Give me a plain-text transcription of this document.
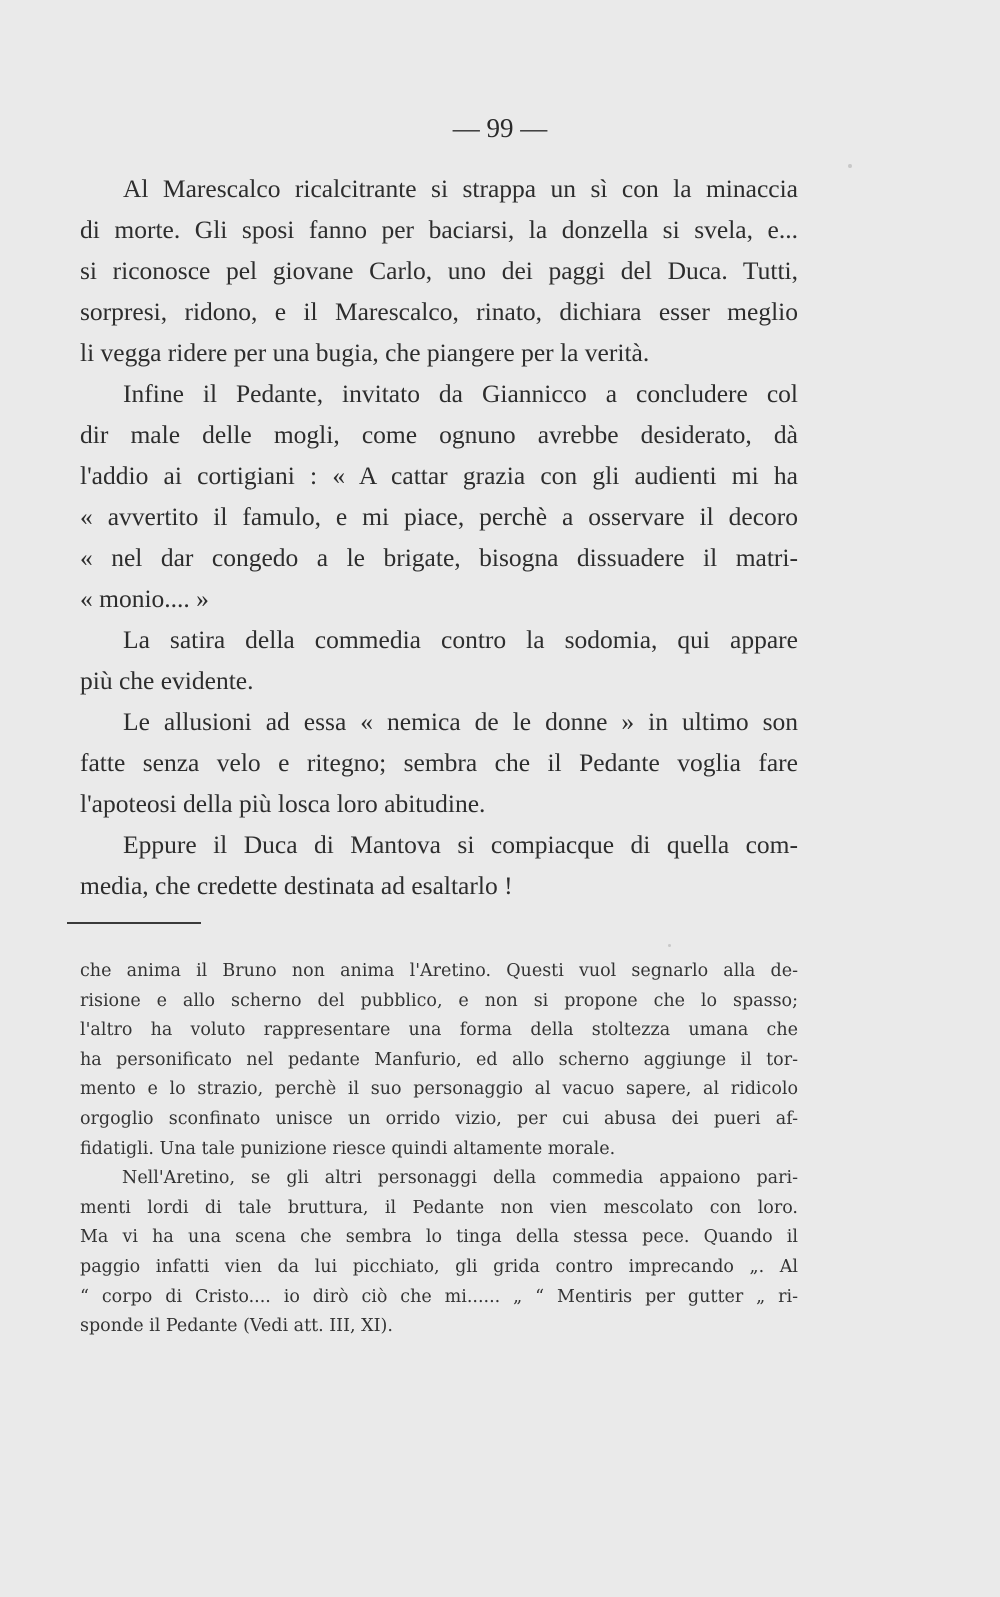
— 99 —
Al Marescalco ricalcitrante si strappa un sì con la minaccia
di morte. Gli sposi fanno per baciarsi, la donzella si svela, e...
si riconosce pel giovane Carlo, uno dei paggi del Duca. Tutti,
sorpresi, ridono, e il Marescalco, rinato, dichiara esser meglio
li vegga ridere per una bugia, che piangere per la verità.
Infine il Pedante, invitato da Giannicco a concludere col
dir male delle mogli, come ognuno avrebbe desiderato, dà
l'addio ai cortigiani : « A cattar grazia con gli audienti mi ha
« avvertito il famulo, e mi piace, perchè a osservare il decoro
« nel dar congedo a le brigate, bisogna dissuadere il matri-
« monio.... »
La satira della commedia contro la sodomia, qui appare
più che evidente.
Le allusioni ad essa « nemica de le donne » in ultimo son
fatte senza velo e ritegno; sembra che il Pedante voglia fare
l'apoteosi della più losca loro abitudine.
Eppure il Duca di Mantova si compiacque di quella com-
media, che credette destinata ad esaltarlo !
che anima il Bruno non anima l'Aretino. Questi vuol segnarlo alla de-
risione e allo scherno del pubblico, e non si propone che lo spasso;
l'altro ha voluto rappresentare una forma della stoltezza umana che
ha personificato nel pedante Manfurio, ed allo scherno aggiunge il tor-
mento e lo strazio, perchè il suo personaggio al vacuo sapere, al ridicolo
orgoglio sconfinato unisce un orrido vizio, per cui abusa dei pueri af-
fidatigli. Una tale punizione riesce quindi altamente morale.
Nell'Aretino, se gli altri personaggi della commedia appaiono pari-
menti lordi di tale bruttura, il Pedante non vien mescolato con loro.
Ma vi ha una scena che sembra lo tinga della stessa pece. Quando il
paggio infatti vien da lui picchiato, gli grida contro imprecando „. Al
“ corpo di Cristo.... io dirò ciò che mi...... „ “ Mentiris per gutter „ ri-
sponde il Pedante (Vedi att. III, XI).
